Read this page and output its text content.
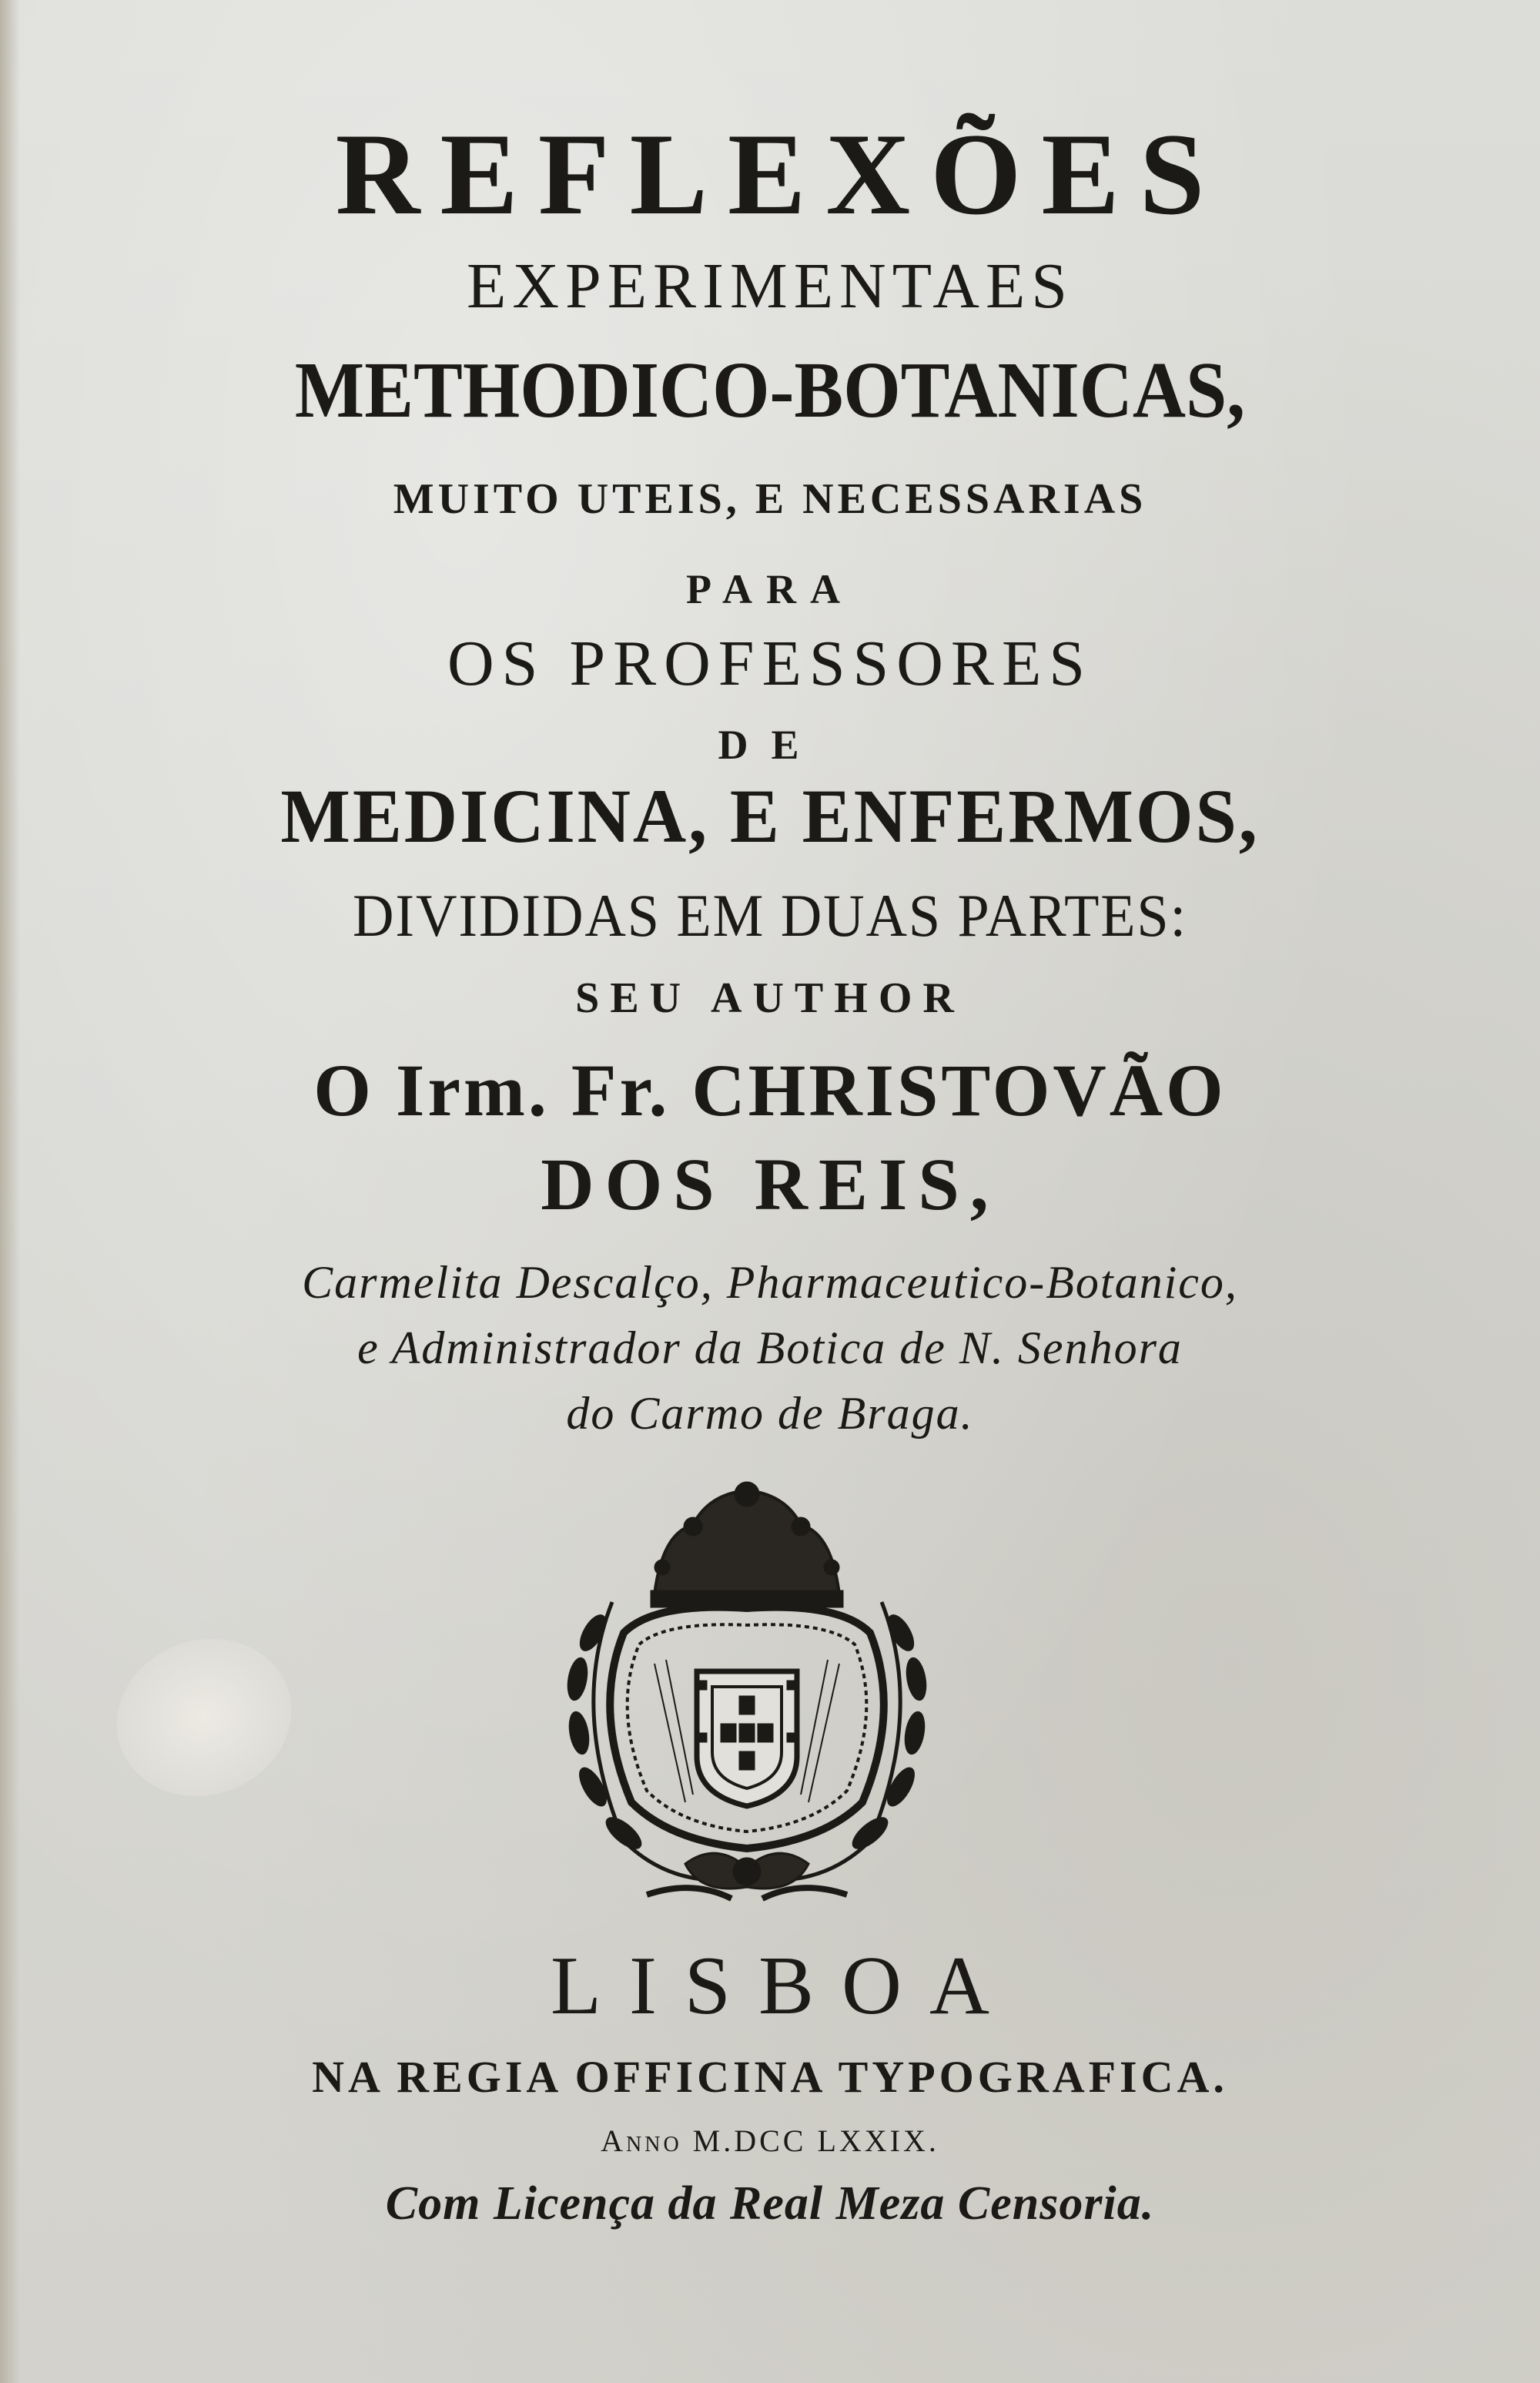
REFLEXÕES
EXPERIMENTAES
METHODICO-BOTANICAS,
MUITO UTEIS, E NECESSARIAS
PARA
OS PROFESSORES
DE
MEDICINA, E ENFERMOS,
DIVIDIDAS EM DUAS PARTES:
SEU AUTHOR
O Irm. Fr. CHRISTOVÃO
DOS REIS,
Carmelita Descalço, Pharmaceutico-Botanico,
e Administrador da Botica de N. Senhora
do Carmo de Braga.
LISBOA
NA REGIA OFFICINA TYPOGRAFICA.
Anno M.DCC LXXIX.
Com Licença da Real Meza Censoria.
